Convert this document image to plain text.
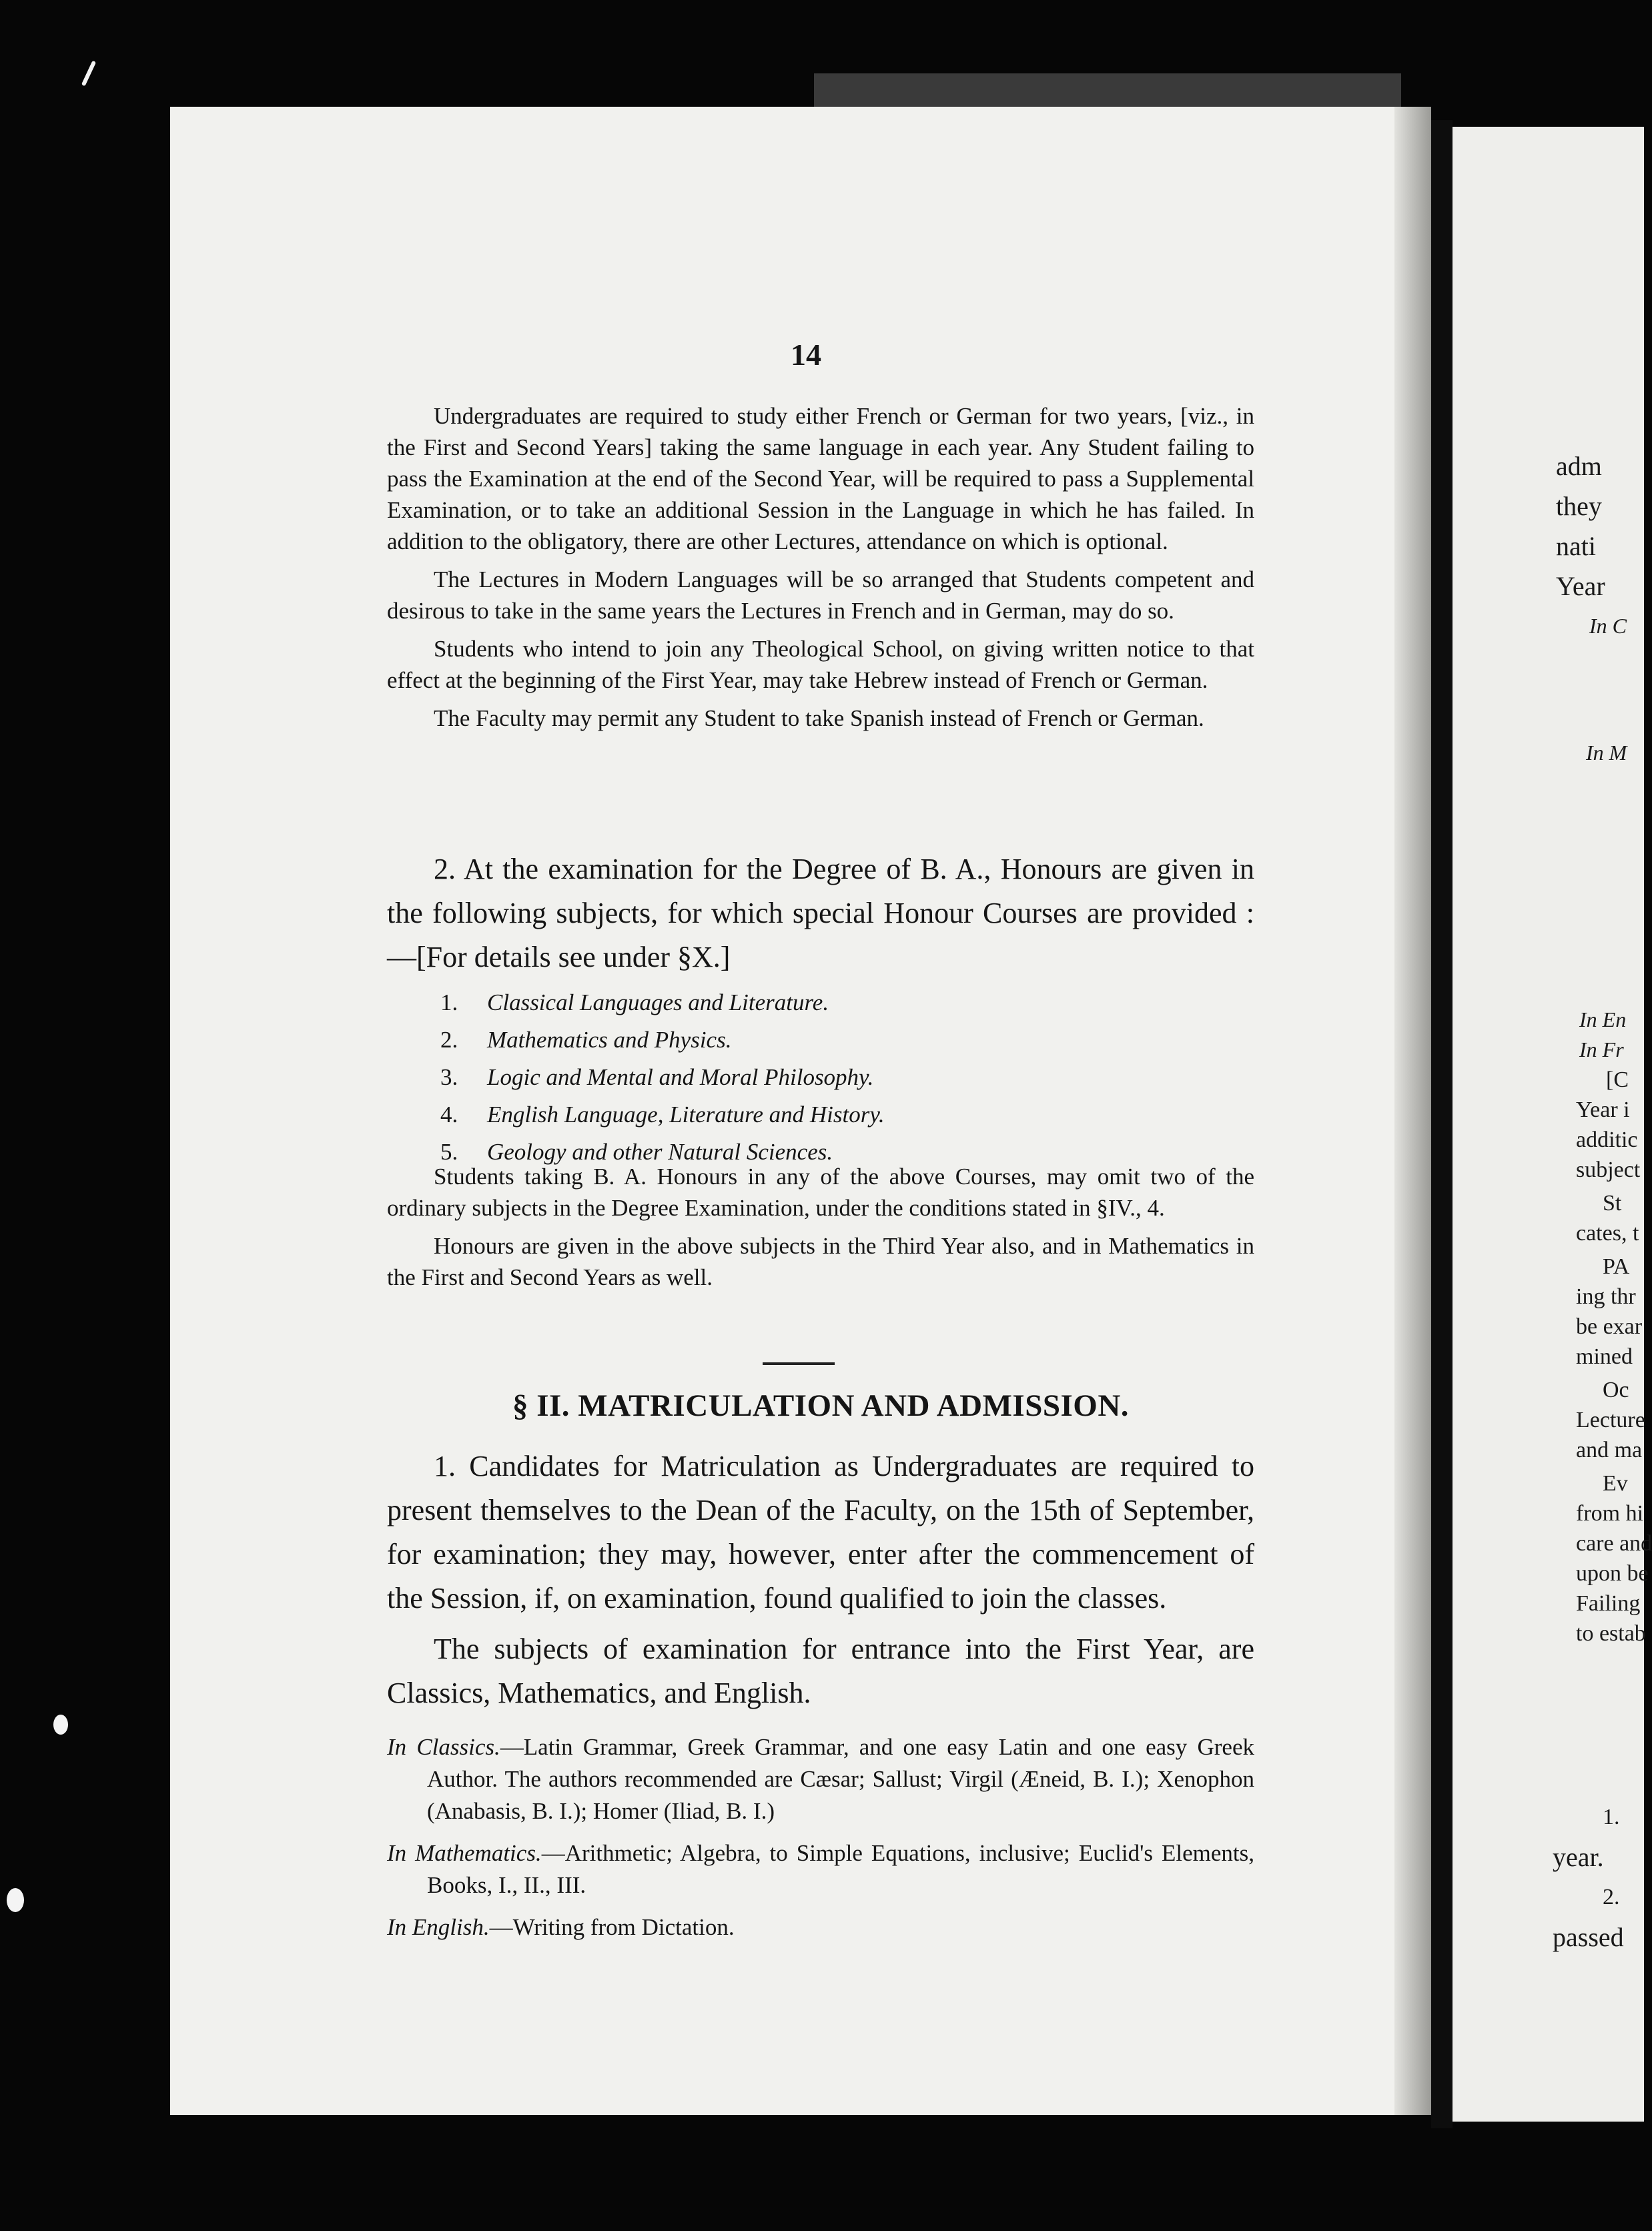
adm
they
nati
Year
In C
In M
In En
In Fr
[C
Year i
additic
subject
St
cates, t
PA
ing thr
be exar
mined
Oc
Lecture
and ma
Ev
from hi
care and
upon be
Failing
to estab
1.
year.
2.
passed
14

Undergraduates are required to study either French or German for two years, [viz., in the First and Second Years] taking the same language in each year. Any Student failing to pass the Examination at the end of the Second Year, will be required to pass a Supplemental Examination, or to take an additional Session in the Language in which he has failed. In addition to the obligatory, there are other Lectures, attendance on which is optional.

The Lectures in Modern Languages will be so arranged that Students competent and desirous to take in the same years the Lectures in French and in German, may do so.

Students who intend to join any Theological School, on giving written notice to that effect at the beginning of the First Year, may take Hebrew instead of French or German.

The Faculty may permit any Student to take Spanish instead of French or German.

2. At the examination for the Degree of B. A., Honours are given in the following subjects, for which special Honour Courses are provided :—[For details see under §X.]

1. Classical Languages and Literature.
2. Mathematics and Physics.
3. Logic and Mental and Moral Philosophy.
4. English Language, Literature and History.
5. Geology and other Natural Sciences.

Students taking B. A. Honours in any of the above Courses, may omit two of the ordinary subjects in the Degree Examination, under the conditions stated in §IV., 4.

Honours are given in the above subjects in the Third Year also, and in Mathematics in the First and Second Years as well.

§ II. MATRICULATION AND ADMISSION.

1. Candidates for Matriculation as Undergraduates are required to present themselves to the Dean of the Faculty, on the 15th of September, for examination; they may, however, enter after the commencement of the Session, if, on examination, found qualified to join the classes.

The subjects of examination for entrance into the First Year, are Classics, Mathematics, and English.

In Classics.—Latin Grammar, Greek Grammar, and one easy Latin and one easy Greek Author. The authors recommended are Cæsar; Sallust; Virgil (Æneid, B. I.); Xenophon (Anabasis, B. I.); Homer (Iliad, B. I.)
In Mathematics.—Arithmetic; Algebra, to Simple Equations, inclusive; Euclid's Elements, Books, I., II., III.
In English.—Writing from Dictation.
